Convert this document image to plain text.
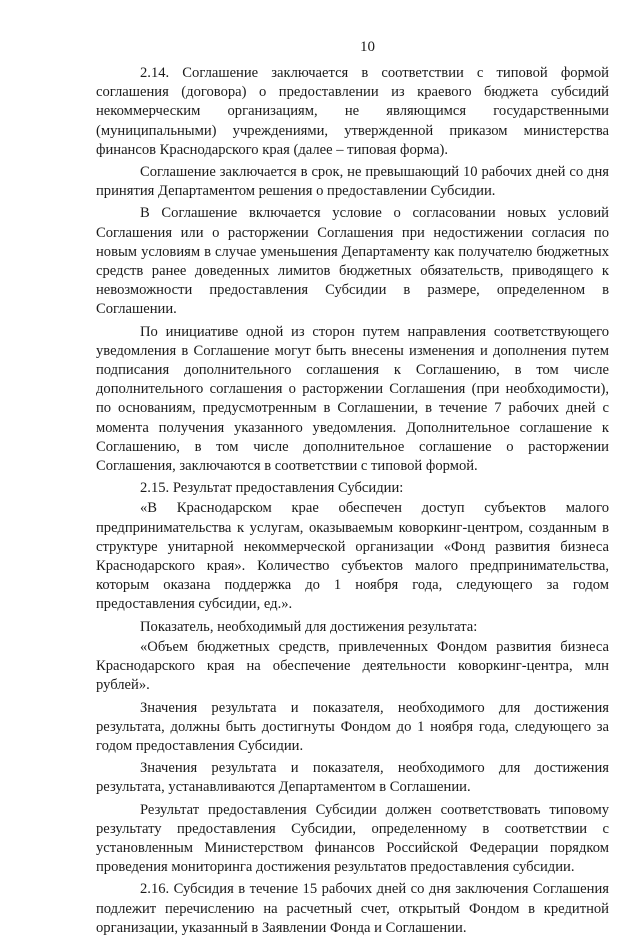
10

2.14. Соглашение заключается в соответствии с типовой формой соглашения (договора) о предоставлении из краевого бюджета субсидий некоммерческим организациям, не являющимся государственными (муниципальными) учреждениями, утвержденной приказом министерства финансов Краснодарского края (далее – типовая форма).

Соглашение заключается в срок, не превышающий 10 рабочих дней со дня принятия Департаментом решения о предоставлении Субсидии.

В Соглашение включается условие о согласовании новых условий Соглашения или о расторжении Соглашения при недостижении согласия по новым условиям в случае уменьшения Департаменту как получателю бюджетных средств ранее доведенных лимитов бюджетных обязательств, приводящего к невозможности предоставления Субсидии в размере, определенном в Соглашении.

По инициативе одной из сторон путем направления соответствующего уведомления в Соглашение могут быть внесены изменения и дополнения путем подписания дополнительного соглашения к Соглашению, в том числе дополнительного соглашения о расторжении Соглашения (при необходимости), по основаниям, предусмотренным в Соглашении, в течение 7 рабочих дней с момента получения указанного уведомления. Дополнительное соглашение к Соглашению, в том числе дополнительное соглашение о расторжении Соглашения, заключаются в соответствии с типовой формой.

2.15. Результат предоставления Субсидии:

«В Краснодарском крае обеспечен доступ субъектов малого предпринимательства к услугам, оказываемым коворкинг-центром, созданным в структуре унитарной некоммерческой организации «Фонд развития бизнеса Краснодарского края». Количество субъектов малого предпринимательства, которым оказана поддержка до 1 ноября года, следующего за годом предоставления субсидии, ед.».

Показатель, необходимый для достижения результата:

«Объем бюджетных средств, привлеченных Фондом развития бизнеса Краснодарского края на обеспечение деятельности коворкинг-центра, млн рублей».

Значения результата и показателя, необходимого для достижения результата, должны быть достигнуты Фондом до 1 ноября года, следующего за годом предоставления Субсидии.

Значения результата и показателя, необходимого для достижения результата, устанавливаются Департаментом в Соглашении.

Результат предоставления Субсидии должен соответствовать типовому результату предоставления Субсидии, определенному в соответствии с установленным Министерством финансов Российской Федерации порядком проведения мониторинга достижения результатов предоставления субсидии.

2.16. Субсидия в течение 15 рабочих дней со дня заключения Соглашения подлежит перечислению на расчетный счет, открытый Фондом в кредитной организации, указанный в Заявлении Фонда и Соглашении.
